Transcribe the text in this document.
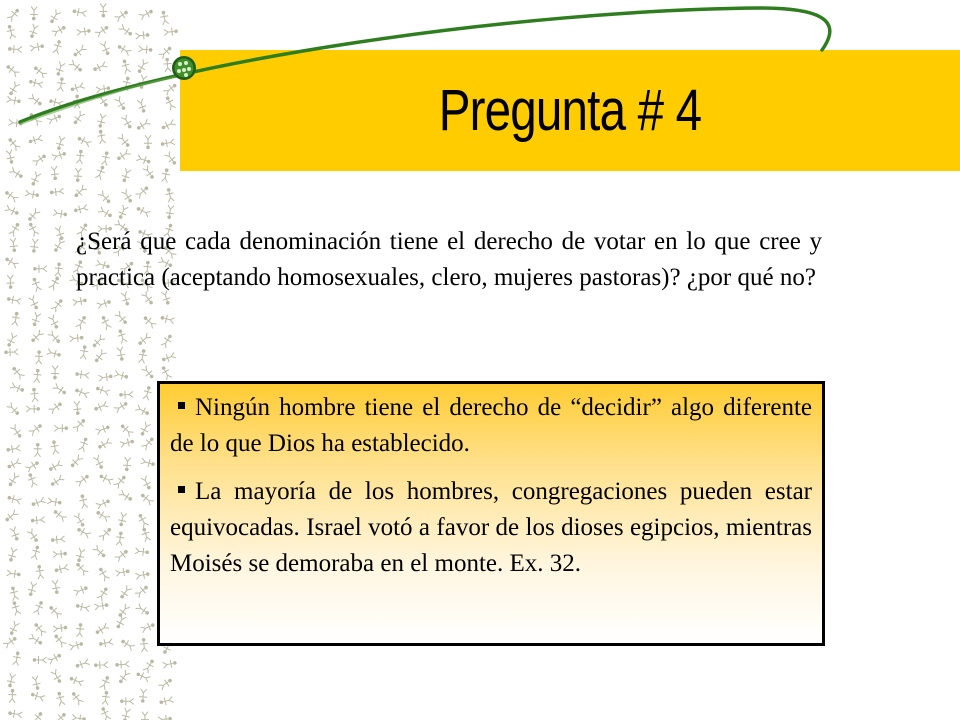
Pregunta # 4

¿Será que cada denominación tiene el derecho de votar en lo que cree y practica (aceptando homosexuales, clero, mujeres pastoras)? ¿por qué no?

Ningún hombre tiene el derecho de “decidir” algo diferente de lo que Dios ha establecido.
La mayoría de los hombres, congregaciones pueden estar equivocadas. Israel votó a favor de los dioses egipcios, mientras Moisés se demoraba en el monte. Ex. 32.
